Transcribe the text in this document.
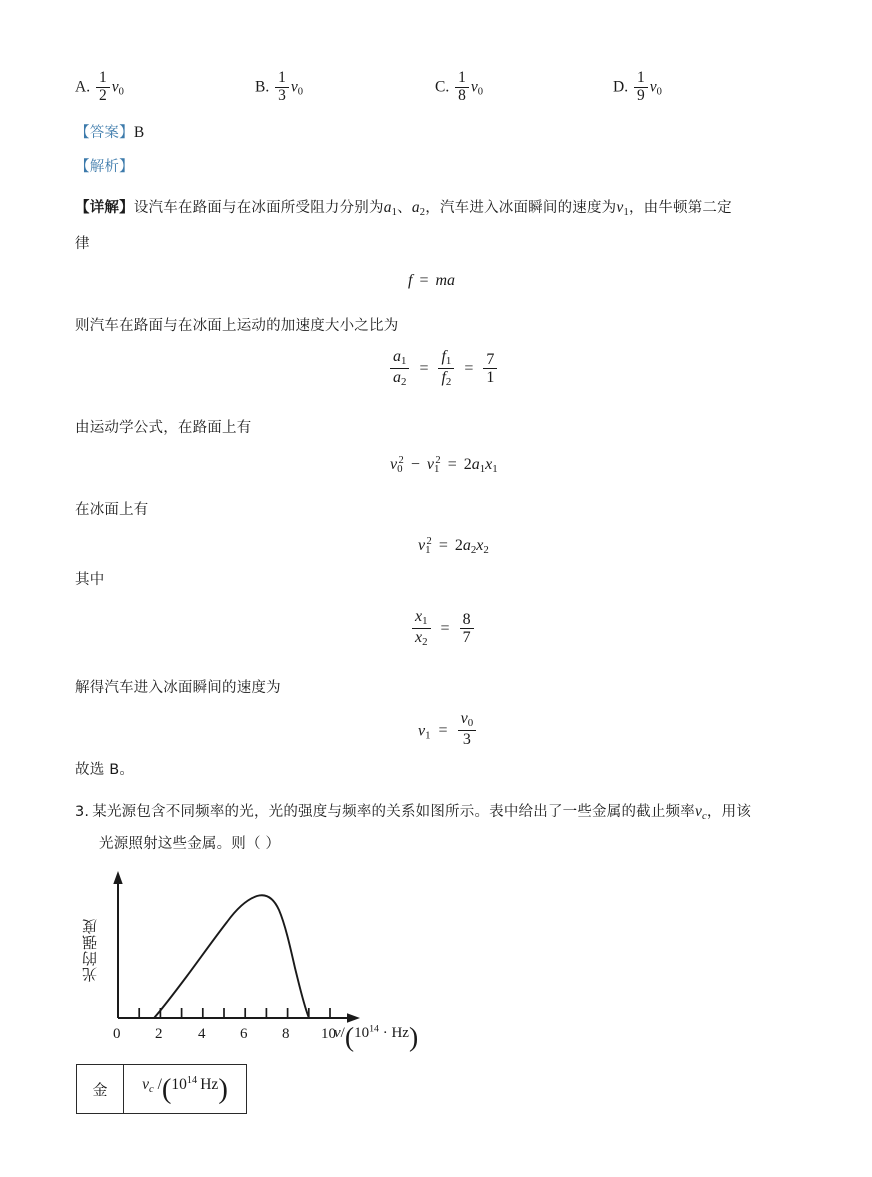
A. $\frac{1}{2} v0$	B. $\frac{1}{3} v0$	C. $\frac{1}{8} v0$	D. $\frac{1}{9} v0$
【答案】B
【解析】
【详解】设汽车在路面与在冰面所受阻力分别为a1、a2，汽车进入冰面瞬间的速度为v1，由牛顿第二定
律
f = ma
则汽车在路面与在冰面上运动的加速度大小之比为
$\frac{a1}{a2} = \frac{f1}{f2} = \frac{7}{1}$
由运动学公式，在路面上有
$v0^2 - v1^2 = 2a1x1$
在冰面上有
$v1^2 = 2a2x2$
其中
$\frac{x1}{x2} = \frac{8}{7}$
解得汽车进入冰面瞬间的速度为
$v1 = \frac{v0}{3}$
故选 B。
3. 某光源包含不同频率的光，光的强度与频率的关系如图所示。表中给出了一些金属的截止频率$\nu_c$，用该
光源照射这些金属。则（ ）
光的强度
0 2 4 6 8 10
$\nu/(10^{14} \cdot Hz)$
金	$\nu_c$ $/(10^{14}$ Hz)
